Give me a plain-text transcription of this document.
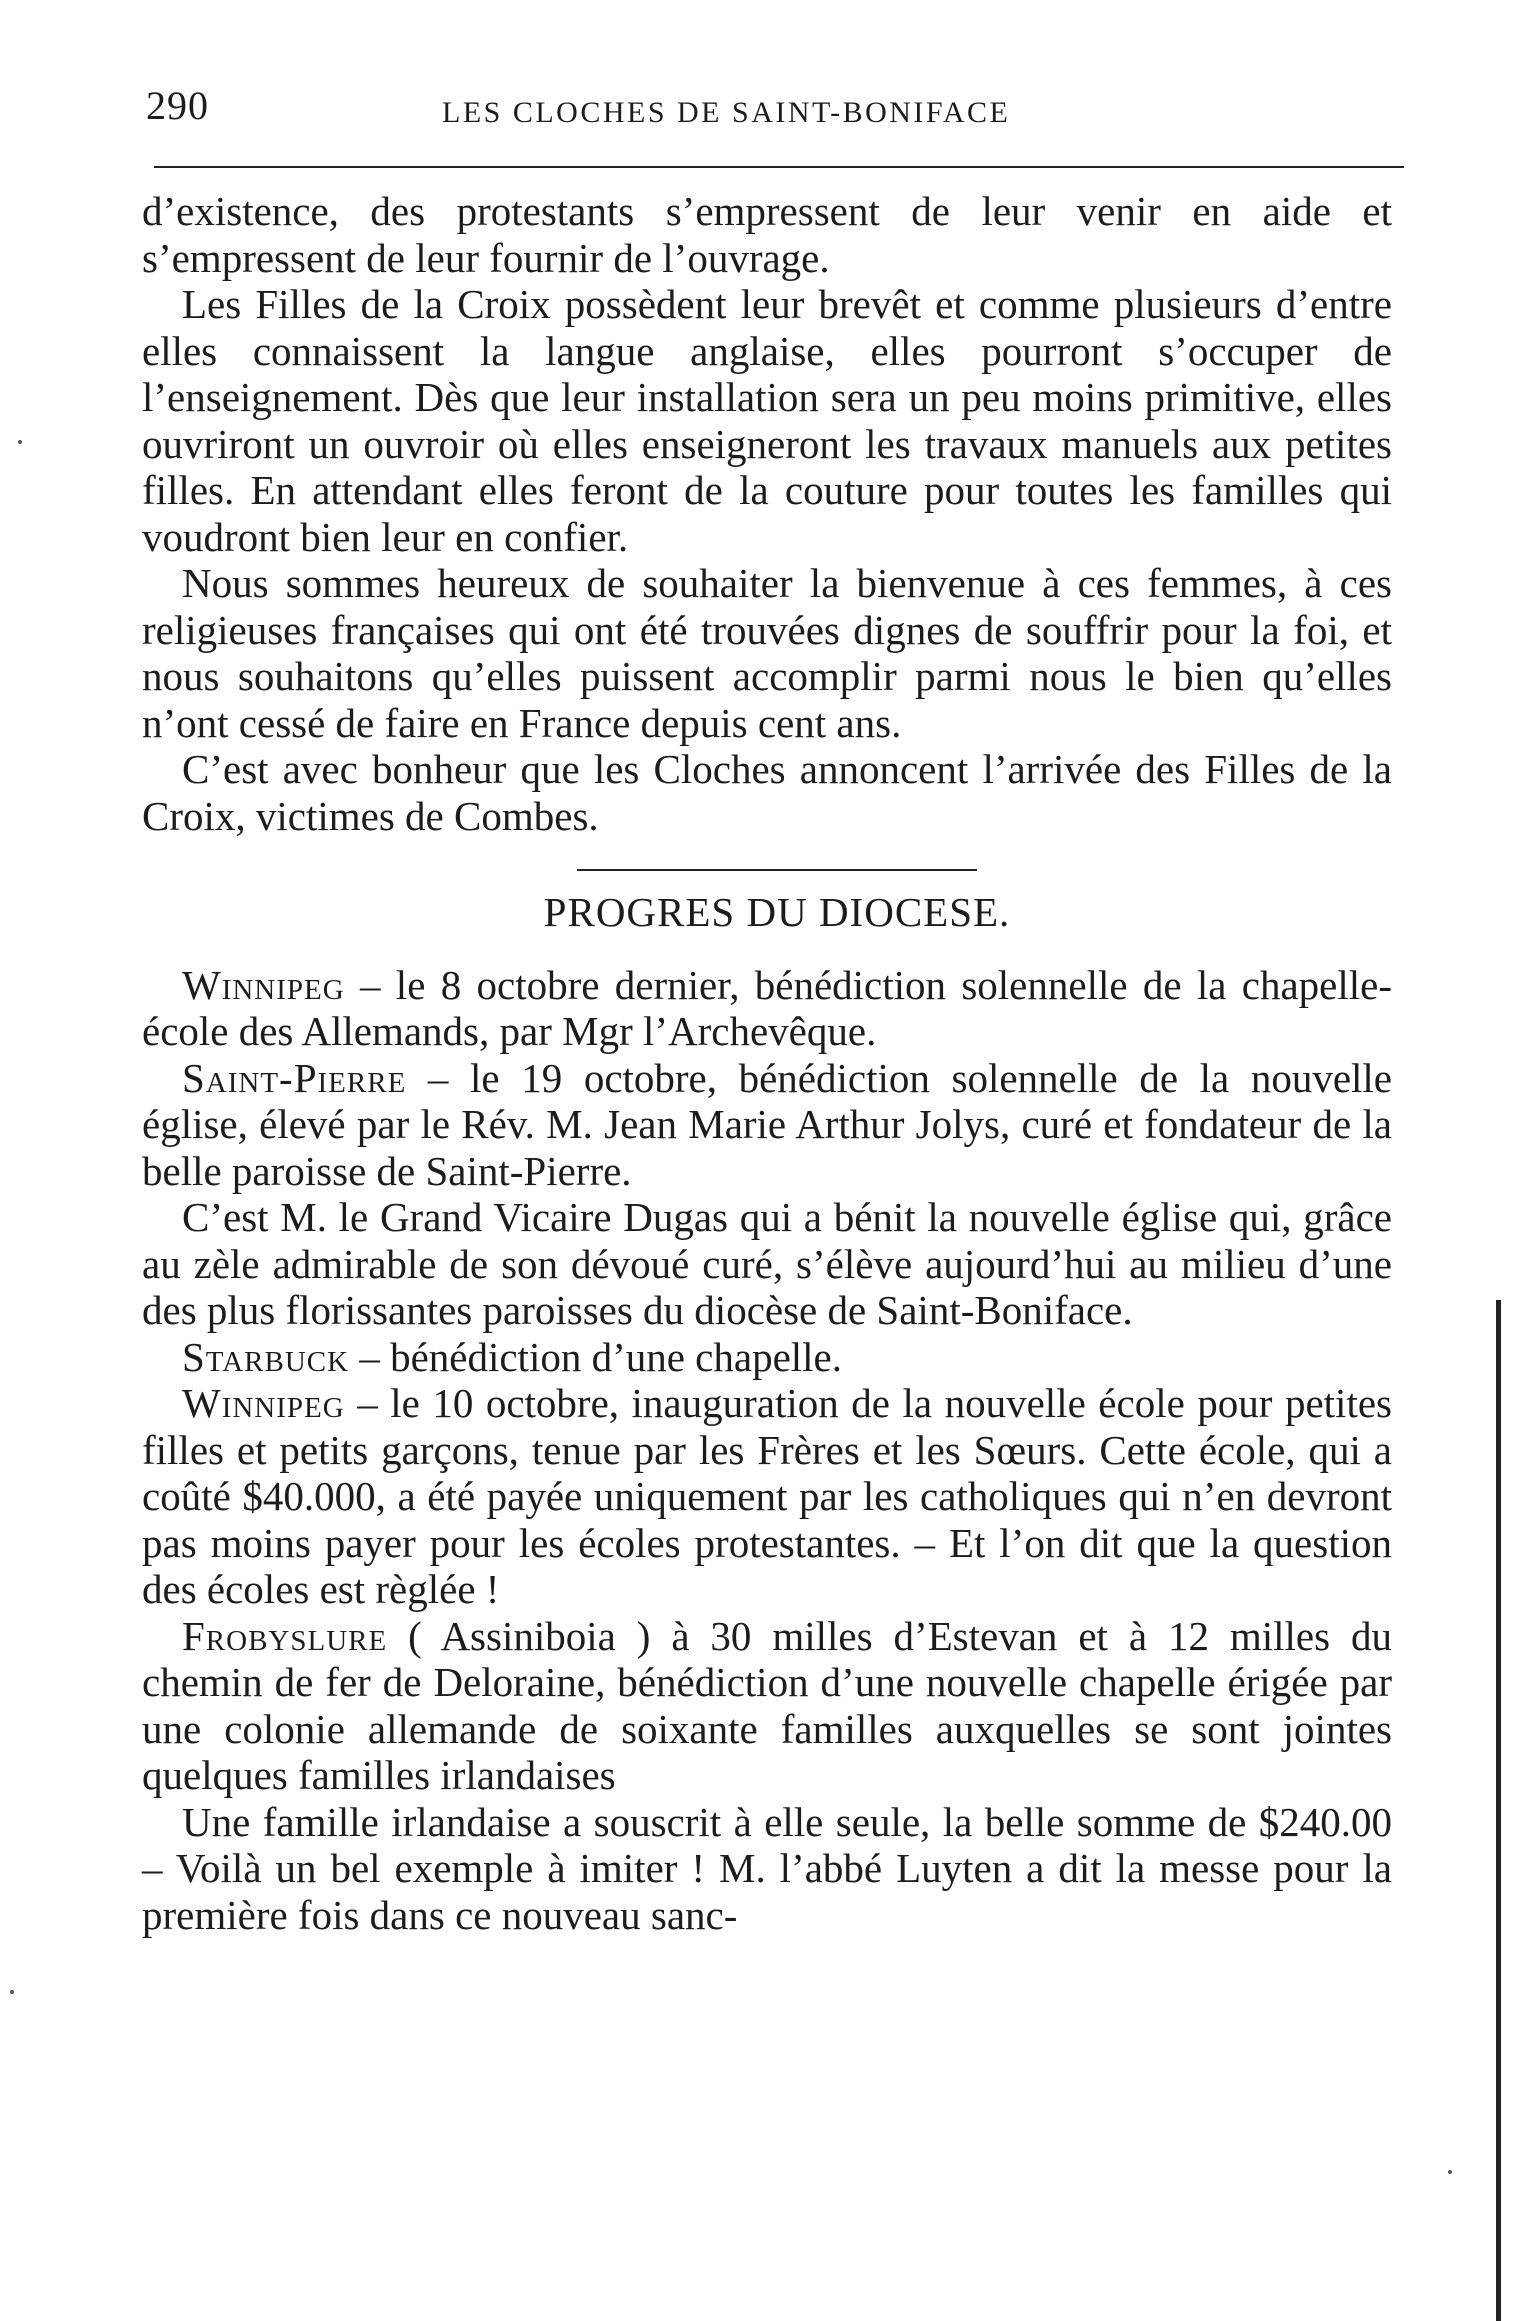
290	LES CLOCHES DE SAINT-BONIFACE

d’existence, des protestants s’empressent de leur venir en aide et s’empressent de leur fournir de l’ouvrage.

Les Filles de la Croix possèdent leur brevêt et comme plusieurs d’entre elles connaissent la langue anglaise, elles pourront s’occuper de l’enseignement. Dès que leur installation sera un peu moins primitive, elles ouvriront un ouvroir où elles enseigneront les travaux manuels aux petites filles. En attendant elles feront de la couture pour toutes les familles qui voudront bien leur en confier.

Nous sommes heureux de souhaiter la bienvenue à ces femmes, à ces religieuses françaises qui ont été trouvées dignes de souffrir pour la foi, et nous souhaitons qu’elles puissent accomplir parmi nous le bien qu’elles n’ont cessé de faire en France depuis cent ans.

C’est avec bonheur que les Cloches annoncent l’arrivée des Filles de la Croix, victimes de Combes.

PROGRES DU DIOCESE.

Winnipeg – le 8 octobre dernier, bénédiction solennelle de la chapelle-école des Allemands, par Mgr l’Archevêque.

Saint-Pierre – le 19 octobre, bénédiction solennelle de la nouvelle église, élevé par le Rév. M. Jean Marie Arthur Jolys, curé et fondateur de la belle paroisse de Saint-Pierre.

C’est M. le Grand Vicaire Dugas qui a bénit la nouvelle église qui, grâce au zèle admirable de son dévoué curé, s’élève aujourd’hui au milieu d’une des plus florissantes paroisses du diocèse de Saint-Boniface.

Starbuck – bénédiction d’une chapelle.

Winnipeg – le 10 octobre, inauguration de la nouvelle école pour petites filles et petits garçons, tenue par les Frères et les Sœurs. Cette école, qui a coûté $40.000, a été payée uniquement par les catholiques qui n’en devront pas moins payer pour les écoles protestantes. – Et l’on dit que la question des écoles est règlée !

Frobyslure ( Assiniboia ) à 30 milles d’Estevan et à 12 milles du chemin de fer de Deloraine, bénédiction d’une nouvelle chapelle érigée par une colonie allemande de soixante familles auxquelles se sont jointes quelques familles irlandaises

Une famille irlandaise a souscrit à elle seule, la belle somme de $240.00 – Voilà un bel exemple à imiter ! M. l’abbé Luyten a dit la messe pour la première fois dans ce nouveau sanc-
